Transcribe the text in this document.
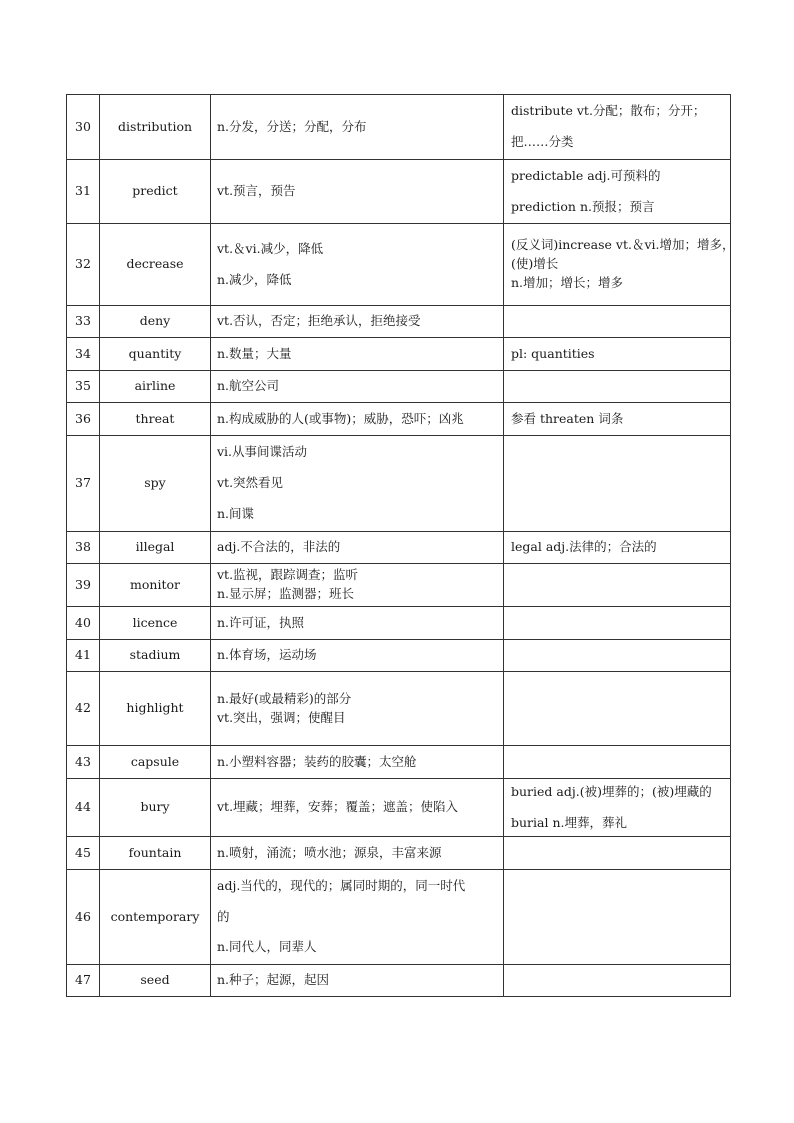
30	distribution	n.分发，分送；分配，分布	distribute vt.分配；散布；分开；
把……分类

31	predict	vt.预言，预告	predictable adj.可预料的
prediction n.预报；预言

32	decrease	vt.＆vi.减少，降低
n.减少，降低	(反义词)increase vt.＆vi.增加；增多，
(使)增长
n.增加；增长；增多

33	deny	vt.否认，否定；拒绝承认，拒绝接受	

34	quantity	n.数量；大量	pl: quantities

35	airline	n.航空公司	

36	threat	n.构成威胁的人(或事物)；威胁，恐吓；凶兆	参看 threaten 词条

37	spy	vi.从事间谍活动
vt.突然看见
n.间谍	

38	illegal	adj.不合法的，非法的	legal adj.法律的；合法的

39	monitor	vt.监视，跟踪调查；监听
n.显示屏；监测器；班长	

40	licence	n.许可证，执照	

41	stadium	n.体育场，运动场	

42	highlight	n.最好(或最精彩)的部分
vt.突出，强调；使醒目	

43	capsule	n.小塑料容器；装药的胶囊；太空舱	

44	bury	vt.埋藏；埋葬，安葬；覆盖；遮盖；使陷入	buried adj.(被)埋葬的；(被)埋藏的
burial n.埋葬，葬礼

45	fountain	n.喷射，涌流；喷水池；源泉，丰富来源	

46	contemporary	adj.当代的，现代的；属同时期的，同一时代
的
n.同代人，同辈人	

47	seed	n.种子；起源，起因	
